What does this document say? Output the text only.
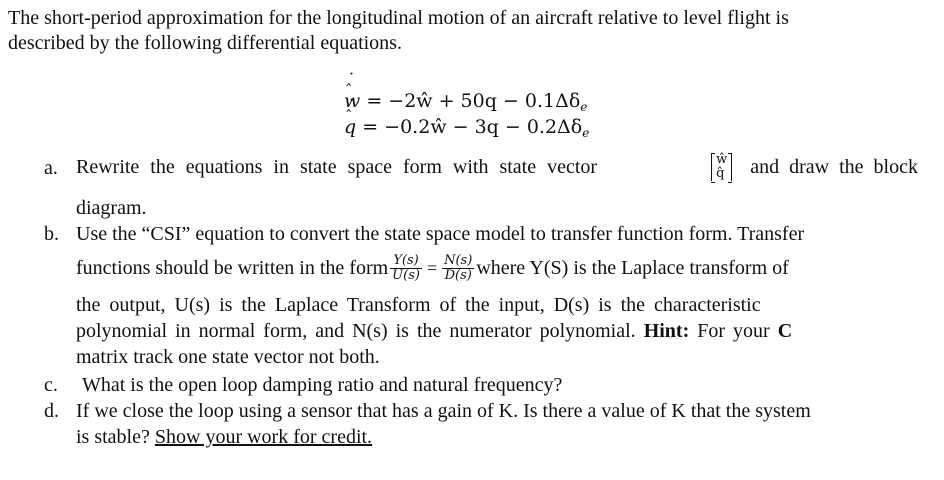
The short-period approximation for the longitudinal motion of an aircraft relative to level flight is
described by the following differential equations.
ˆ w ˙ = −2ŵ + $50q - 0.1\Delta\delta_e$
ˆ q ˙ = −0.2ŵ − $3q - 0.2\Delta\delta_e$
a. Rewrite the equations in state space form with state vector	ŵ
q̂ and draw the block
diagram.
b. Use the “CSI” equation to convert the state space model to transfer function form. Transfer
functions should be written in the form $\frac{Y(s)}{U(s)} = \frac{N(s)}{D(s)}$ where Y(S) is the Laplace transform of
the output, U(s) is the Laplace Transform of the input, D(s) is the characteristic
polynomial in normal form, and N(s) is the numerator polynomial. Hint: For your C
matrix track one state vector not both.
c. What is the open loop damping ratio and natural frequency?
d. If we close the loop using a sensor that has a gain of K. Is there a value of K that the system
is stable? Show your work for credit.
